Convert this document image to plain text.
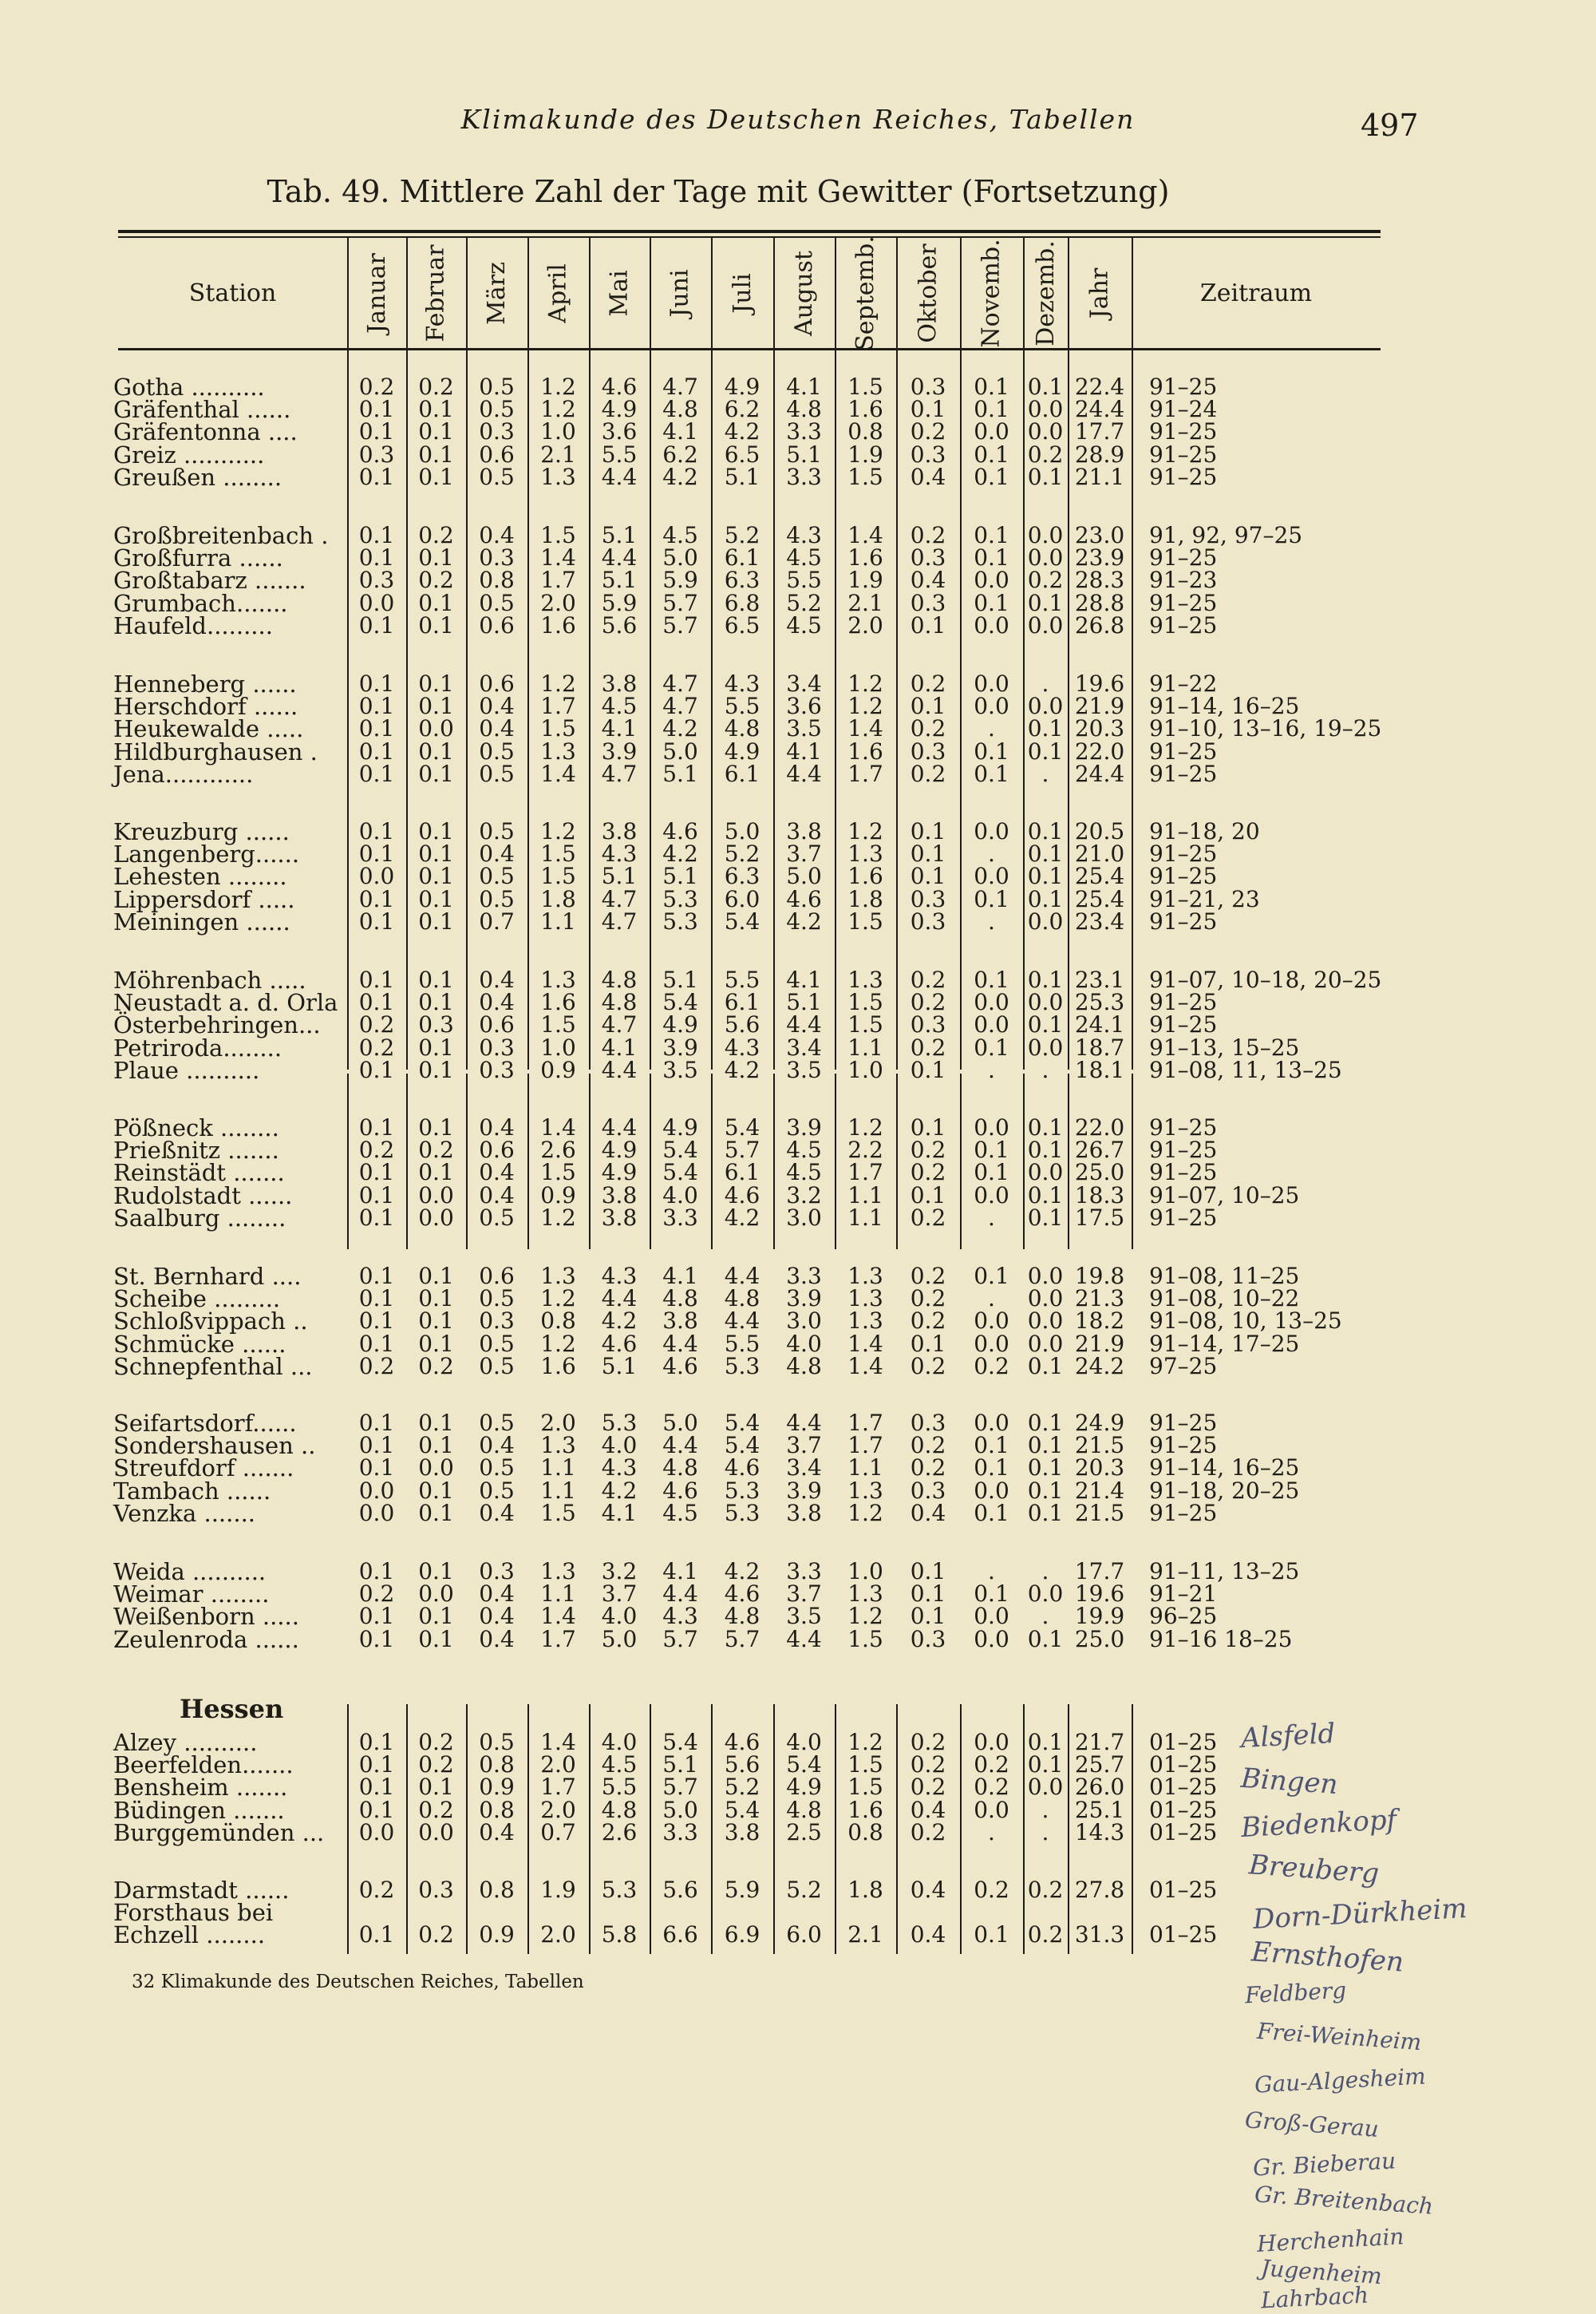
Klimakunde des Deutschen Reiches, Tabellen	497
Tab. 49. Mittlere Zahl der Tage mit Gewitter (Fortsetzung)
Station	Januar Februar März April Mai Juni Juli August Septemb. Oktober Novemb. Dezemb. Jahr	Zeitraum
Gotha ..........	0.2	0.2	0.5	1.2	4.6	4.7	4.9	4.1	1.5	0.3	0.1 0.1 22.4	91–25
Gräfenthal ......	0.1	0.1	0.5	1.2	4.9	4.8	6.2	4.8	1.6	0.1	0.1 0.0 24.4	91–24
Gräfentonna ....	0.1	0.1	0.3	1.0	3.6	4.1	4.2	3.3	0.8	0.2	0.0 0.0 17.7	91–25
Greiz ...........	0.3	0.1	0.6	2.1	5.5	6.2	6.5	5.1	1.9	0.3	0.1 0.2 28.9	91–25
Greußen ........	0.1	0.1	0.5	1.3	4.4	4.2	5.1	3.3	1.5	0.4	0.1 0.1 21.1	91–25
Großbreitenbach .	0.1	0.2	0.4	1.5	5.1	4.5	5.2	4.3	1.4	0.2	0.1 0.0 23.0	91, 92, 97–25
Großfurra ......	0.1	0.1	0.3	1.4	4.4	5.0	6.1	4.5	1.6	0.3	0.1 0.0 23.9	91–25
Großtabarz .......	0.3	0.2	0.8	1.7	5.1	5.9	6.3	5.5	1.9	0.4	0.0 0.2 28.3	91–23
Grumbach.......	0.0	0.1	0.5	2.0	5.9	5.7	6.8	5.2	2.1	0.3	0.1 0.1 28.8	91–25
Haufeld.........	0.1	0.1	0.6	1.6	5.6	5.7	6.5	4.5	2.0	0.1	0.0 0.0 26.8	91–25
Henneberg ......	0.1	0.1	0.6	1.2	3.8	4.7	4.3	3.4	1.2	0.2	0.0	.	19.6	91–22
Herschdorf ......	0.1	0.1	0.4	1.7	4.5	4.7	5.5	3.6	1.2	0.1	0.0 0.0 21.9	91–14, 16–25
Heukewalde .....	0.1	0.0	0.4	1.5	4.1	4.2	4.8	3.5	1.4	0.2	.	0.1 20.3	91–10, 13–16, 19–25
Hildburghausen .	0.1	0.1	0.5	1.3	3.9	5.0	4.9	4.1	1.6	0.3	0.1 0.1 22.0	91–25
Jena............	0.1	0.1	0.5	1.4	4.7	5.1	6.1	4.4	1.7	0.2	0.1	.	24.4	91–25
Kreuzburg ......	0.1	0.1	0.5	1.2	3.8	4.6	5.0	3.8	1.2	0.1	0.0 0.1 20.5	91–18, 20
Langenberg......	0.1	0.1	0.4	1.5	4.3	4.2	5.2	3.7	1.3	0.1	.	0.1 21.0	91–25
Lehesten ........	0.0	0.1	0.5	1.5	5.1	5.1	6.3	5.0	1.6	0.1	0.0 0.1 25.4	91–25
Lippersdorf .....	0.1	0.1	0.5	1.8	4.7	5.3	6.0	4.6	1.8	0.3	0.1 0.1 25.4	91–21, 23
Meiningen ......	0.1	0.1	0.7	1.1	4.7	5.3	5.4	4.2	1.5	0.3	.	0.0 23.4	91–25
Möhrenbach .....	0.1	0.1	0.4	1.3	4.8	5.1	5.5	4.1	1.3	0.2	0.1 0.1 23.1	91–07, 10–18, 20–25
Neustadt a. d. Orla 0.1	0.1	0.4	1.6	4.8	5.4	6.1	5.1	1.5	0.2	0.0 0.0 25.3	91–25
Österbehringen...	0.2	0.3	0.6	1.5	4.7	4.9	5.6	4.4	1.5	0.3	0.0 0.1 24.1	91–25
Petriroda........	0.2	0.1	0.3	1.0	4.1	3.9	4.3	3.4	1.1	0.2	0.1 0.0 18.7	91–13, 15–25
Plaue ..........	0.1	0.1	0.3	0.9	4.4	3.5	4.2	3.5	1.0	0.1	.	.	18.1	91–08, 11, 13–25
Pößneck ........	0.1	0.1	0.4	1.4	4.4	4.9	5.4	3.9	1.2	0.1	0.0 0.1 22.0	91–25
Prießnitz .......	0.2	0.2	0.6	2.6	4.9	5.4	5.7	4.5	2.2	0.2	0.1 0.1 26.7	91–25
Reinstädt .......	0.1	0.1	0.4	1.5	4.9	5.4	6.1	4.5	1.7	0.2	0.1 0.0 25.0	91–25
Rudolstadt ......	0.1	0.0	0.4	0.9	3.8	4.0	4.6	3.2	1.1	0.1	0.0 0.1 18.3	91–07, 10–25
Saalburg ........	0.1	0.0	0.5	1.2	3.8	3.3	4.2	3.0	1.1	0.2	.	0.1 17.5	91–25
St. Bernhard ....	0.1	0.1	0.6	1.3	4.3	4.1	4.4	3.3	1.3	0.2	0.1 0.0 19.8	91–08, 11–25
Scheibe .........	0.1	0.1	0.5	1.2	4.4	4.8	4.8	3.9	1.3	0.2	.	0.0 21.3	91–08, 10–22
Schloßvippach ..	0.1	0.1	0.3	0.8	4.2	3.8	4.4	3.0	1.3	0.2	0.0 0.0 18.2	91–08, 10, 13–25
Schmücke ......	0.1	0.1	0.5	1.2	4.6	4.4	5.5	4.0	1.4	0.1	0.0 0.0 21.9	91–14, 17–25
Schnepfenthal ...	0.2	0.2	0.5	1.6	5.1	4.6	5.3	4.8	1.4	0.2	0.2 0.1 24.2	97–25
Seifartsdorf......	0.1	0.1	0.5	2.0	5.3	5.0	5.4	4.4	1.7	0.3	0.0 0.1 24.9	91–25
Sondershausen ..	0.1	0.1	0.4	1.3	4.0	4.4	5.4	3.7	1.7	0.2	0.1 0.1 21.5	91–25
Streufdorf .......	0.1	0.0	0.5	1.1	4.3	4.8	4.6	3.4	1.1	0.2	0.1 0.1 20.3	91–14, 16–25
Tambach ......	0.0	0.1	0.5	1.1	4.2	4.6	5.3	3.9	1.3	0.3	0.0 0.1 21.4	91–18, 20–25
Venzka .......	0.0	0.1	0.4	1.5	4.1	4.5	5.3	3.8	1.2	0.4	0.1 0.1 21.5	91–25
Weida ..........	0.1	0.1	0.3	1.3	3.2	4.1	4.2	3.3	1.0	0.1	.	.	17.7	91–11, 13–25
Weimar ........	0.2	0.0	0.4	1.1	3.7	4.4	4.6	3.7	1.3	0.1	0.1 0.0 19.6	91–21
Weißenborn .....	0.1	0.1	0.4	1.4	4.0	4.3	4.8	3.5	1.2	0.1	0.0	.	19.9	96–25
Zeulenroda ......	0.1	0.1	0.4	1.7	5.0	5.7	5.7	4.4	1.5	0.3	0.0 0.1 25.0	91–16 18–25
Alzey ..........	0.1	0.2	0.5	1.4	4.0	5.4	4.6	4.0	1.2	0.2	0.0 0.1 21.7	01–25
Beerfelden.......	0.1	0.2	0.8	2.0	4.5	5.1	5.6	5.4	1.5	0.2	0.2 0.1 25.7	01–25
Bensheim .......	0.1	0.1	0.9	1.7	5.5	5.7	5.2	4.9	1.5	0.2	0.2 0.0 26.0	01–25
Büdingen .......	0.1	0.2	0.8	2.0	4.8	5.0	5.4	4.8	1.6	0.4	0.0	.	25.1	01–25
Burggemünden ...	0.0	0.0	0.4	0.7	2.6	3.3	3.8	2.5	0.8	0.2	.	.	14.3	01–25
Darmstadt ......	0.2	0.3	0.8	1.9	5.3	5.6	5.9	5.2	1.8	0.4	0.2 0.2 27.8	01–25
Forsthaus bei
Echzell ........	0.1	0.2	0.9	2.0	5.8	6.6	6.9	6.0	2.1	0.4	0.1 0.2 31.3	01–25
Hessen
32 Klimakunde des Deutschen Reiches, Tabellen
Alsfeld
Bingen
Biedenkopf
Breuberg
Dorn-Dürkheim
Ernsthofen
Feldberg
Frei-Weinheim
Gau-Algesheim
Groß-Gerau
Gr. Bieberau
Gr. Breitenbach
Herchenhain
Jugenheim
Lahrbach
